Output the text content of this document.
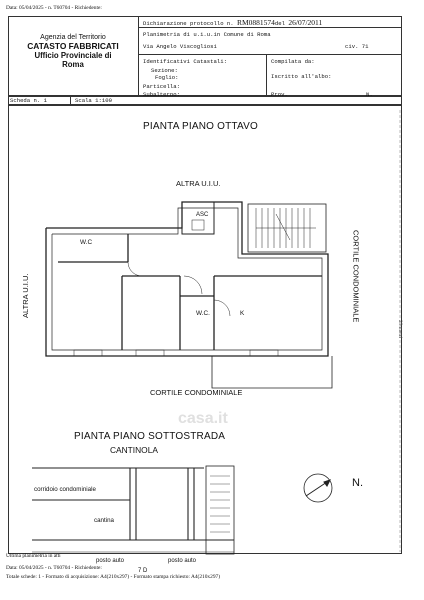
Data: 05/04/2025 - n. T60704 - Richiedente:
Agenzia del Territorio
CATASTO FABBRICATI
Ufficio Provinciale di
Roma
Dichiarazione protocollo n. RM0881574del 26/07/2011
Planimetria di u.i.u.in Comune di Roma
Via Angelo Viscogliosi	civ. 71
Identificativi Catastali:
Sezione:
Foglio:
Particella:
Subalterno:
Compilata da:
Iscritto all'albo:
Prov.	N.
Scheda n. 1	Scala 1:100
casa.it
PIANTA PIANO OTTAVO
ALTRA U.I.U.
ALTRA U.I.U.	CORTILE CONDOMINIALE
CORTILE CONDOMINIALE
ASC
W.C
W.C.	K
29 metri
PIANTA PIANO SOTTOSTRADA
CANTINOLA
corridoio condominiale
cantina
posto auto	posto auto
7 D
N.
Ultima planimetria in atti
Data: 05/04/2025 - n. T60704 - Richiedente:
Totale schede: 1 - Formato di acquisizione: A4(210x297) - Formato stampa richiesto: A4(210x297)
